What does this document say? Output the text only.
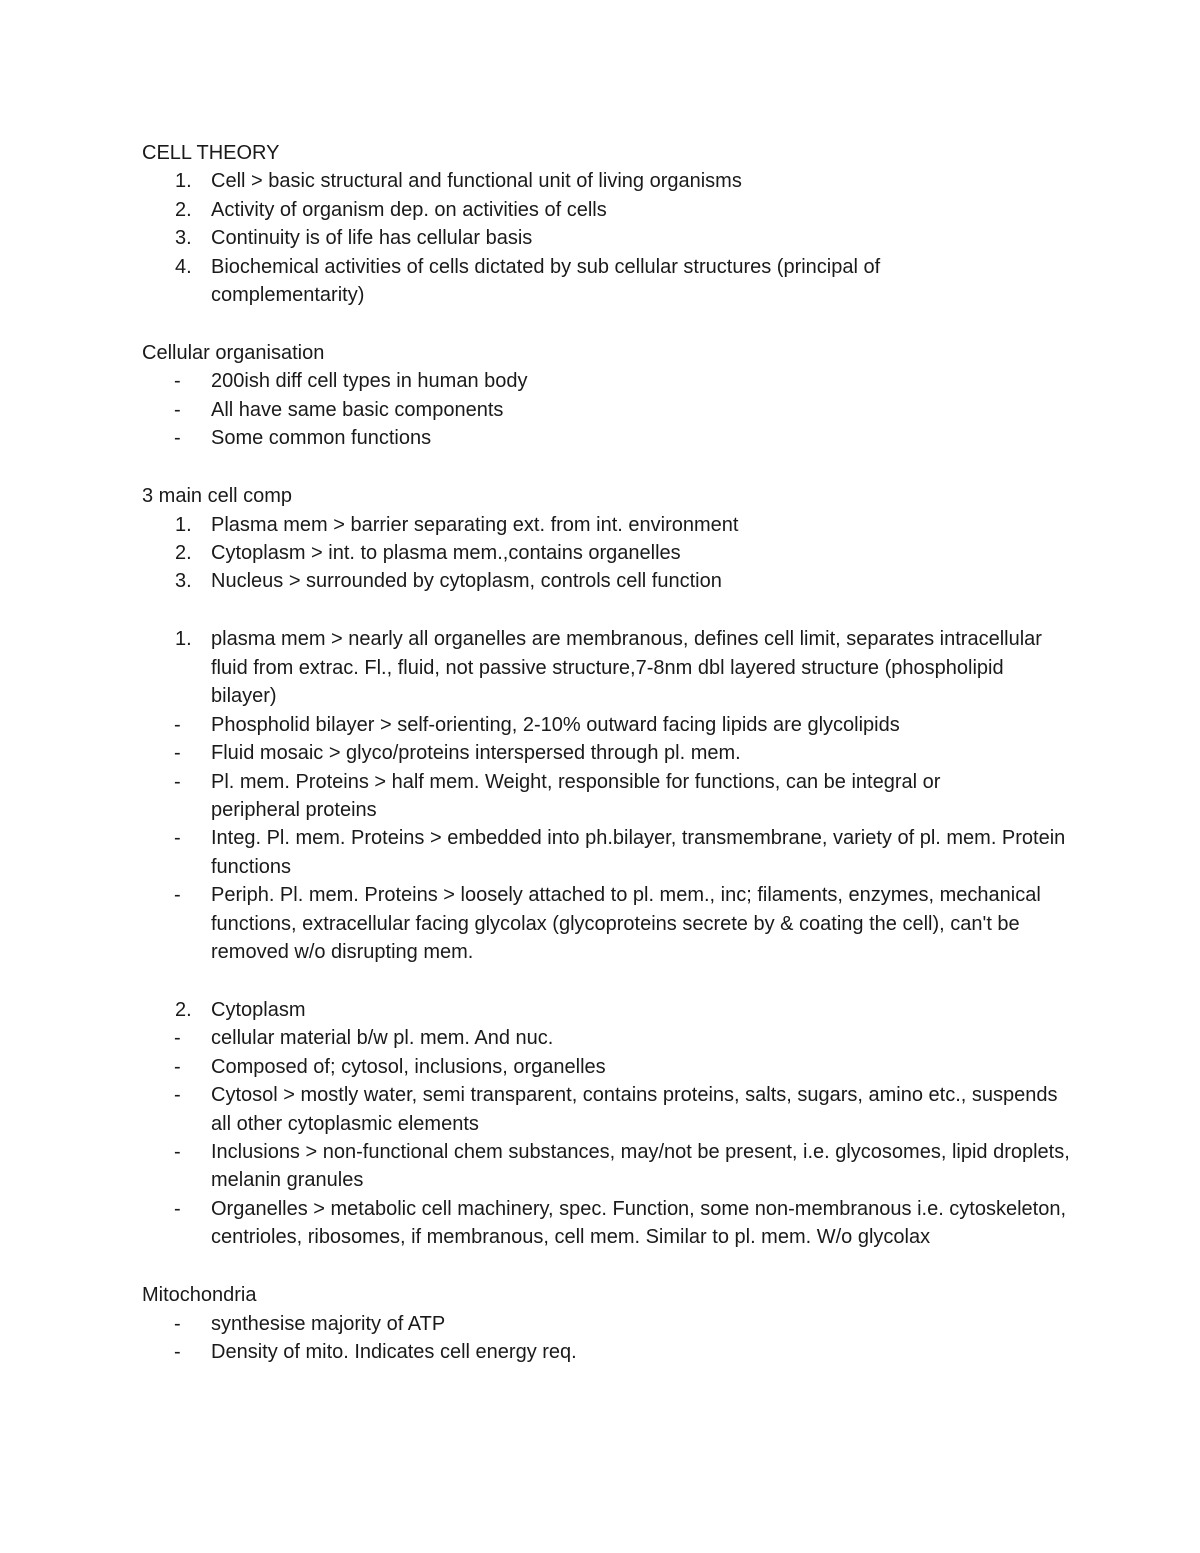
CELL THEORY
1. Cell > basic structural and functional unit of living organisms
2. Activity of organism dep. on activities of cells
3. Continuity is of life has cellular basis
4. Biochemical activities of cells dictated by sub cellular structures (principal of complementarity)
Cellular organisation
- 200ish diff cell types in human body
- All have same basic components
- Some common functions
3 main cell comp
1. Plasma mem > barrier separating ext. from int. environment
2. Cytoplasm > int. to plasma mem.,contains organelles
3. Nucleus > surrounded by cytoplasm, controls cell function
1. plasma mem > nearly all organelles are membranous, defines cell limit, separates intracellular fluid from extrac. Fl., fluid, not passive structure,7-8nm dbl layered structure (phospholipid bilayer)
- Phospholid bilayer > self-orienting, 2-10% outward facing lipids are glycolipids
- Fluid mosaic > glyco/proteins interspersed through pl. mem.
- Pl. mem. Proteins > half mem. Weight, responsible for functions, can be integral or peripheral proteins
- Integ. Pl. mem. Proteins > embedded into ph.bilayer, transmembrane, variety of pl. mem. Protein functions
- Periph. Pl. mem. Proteins > loosely attached to pl. mem., inc; filaments, enzymes, mechanical functions, extracellular facing glycolax (glycoproteins secrete by & coating the cell), can't be removed w/o disrupting mem.
2. Cytoplasm
- cellular material b/w pl. mem. And nuc.
- Composed of; cytosol, inclusions, organelles
- Cytosol > mostly water, semi transparent, contains proteins, salts, sugars, amino etc., suspends all other cytoplasmic elements
- Inclusions > non-functional chem substances, may/not be present, i.e. glycosomes, lipid droplets, melanin granules
- Organelles > metabolic cell machinery, spec. Function, some non-membranous i.e. cytoskeleton, centrioles, ribosomes, if membranous, cell mem. Similar to pl. mem. W/o glycolax
Mitochondria
- synthesise majority of ATP
- Density of mito. Indicates cell energy req.
